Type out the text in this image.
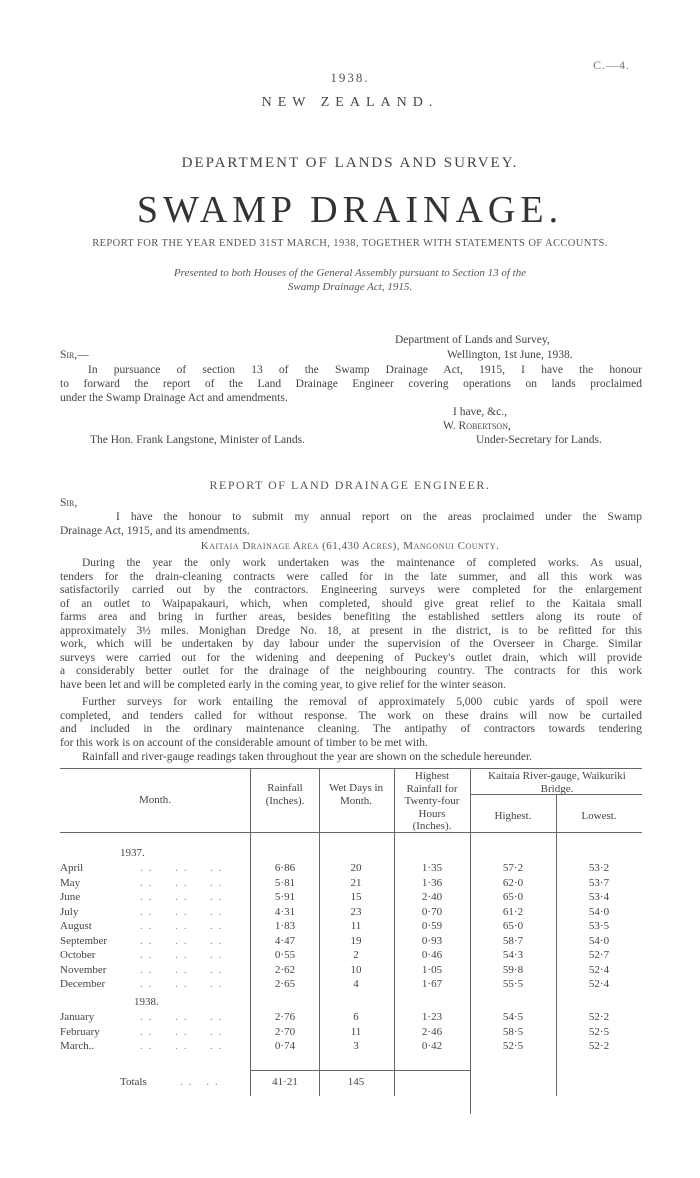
C.—4.
1938.
NEW ZEALAND.
DEPARTMENT OF LANDS AND SURVEY.
SWAMP DRAINAGE.
REPORT FOR THE YEAR ENDED 31ST MARCH, 1938, TOGETHER WITH STATEMENTS OF ACCOUNTS.
Presented to both Houses of the General Assembly pursuant to Section 13 of the
Swamp Drainage Act, 1915.
Department of Lands and Survey,
Wellington, 1st June, 1938.
Sir,—
In pursuance of section 13 of the Swamp Drainage Act, 1915, I have the honour
to forward the report of the Land Drainage Engineer covering operations on lands proclaimed
under the Swamp Drainage Act and amendments.
I have, &c.,
W. Robertson,
The Hon. Frank Langstone, Minister of Lands.	Under-Secretary for Lands.
REPORT OF LAND DRAINAGE ENGINEER.
Sir,
I have the honour to submit my annual report on the areas proclaimed under the Swamp
Drainage Act, 1915, and its amendments.
Kaitaia Drainage Area (61,430 Acres), Mangonui County.
During the year the only work undertaken was the maintenance of completed works. As usual,
tenders for the drain-cleaning contracts were called for in the late summer, and all this work was
satisfactorily carried out by the contractors. Engineering surveys were completed for the enlargement
of an outlet to Waipapakauri, which, when completed, should give great relief to the Kaitaia small
farms area and bring in further areas, besides benefiting the established settlers along its route of
approximately 3½ miles. Monighan Dredge No. 18, at present in the district, is to be refitted for this
work, which will be undertaken by day labour under the supervision of the Overseer in Charge. Similar
surveys were carried out for the widening and deepening of Puckey's outlet drain, which will provide
a considerably better outlet for the drainage of the neighbouring country. The contracts for this work
have been let and will be completed early in the coming year, to give relief for the winter season.
Further surveys for work entailing the removal of approximately 5,000 cubic yards of spoil were
completed, and tenders called for without response. The work on these drains will now be curtailed
and included in the ordinary maintenance cleaning. The antipathy of contractors towards tendering
for this work is on account of the considerable amount of timber to be met with.
Rainfall and river-gauge readings taken throughout the year are shown on the schedule hereunder.
Month.
Rainfall (Inches).
Wet Days in Month.
Highest Rainfall for Twenty-four Hours (Inches).
Kaitaia River-gauge, Waikuriki Bridge.
Highest.	Lowest.
1937.
April	..  ..  ..	6·86	20	1·35	57·2	53·2
May	..  ..  ..	5·81	21	1·36	62·0	53·7
June	..  ..  ..	5·91	15	2·40	65·0	53·4
July	..  ..  ..	4·31	23	0·70	61·2	54·0
August	..  ..  ..	1·83	11	0·59	65·0	53·5
September	..  ..  ..	4·47	19	0·93	58·7	54·0
October	..  ..  ..	0·55	2	0·46	54·3	52·7
November	..  ..  ..	2·62	10	1·05	59·8	52·4
December	..  ..  ..	2·65	4	1·67	55·5	52·4
1938.
January	..  ..  ..	2·76	6	1·23	54·5	52·2
February	..  ..  ..	2·70	11	2·46	58·5	52·5
March..	..  ..  ..	0·74	3	0·42	52·5	52·2
Totals	.. ..	41·21	145
